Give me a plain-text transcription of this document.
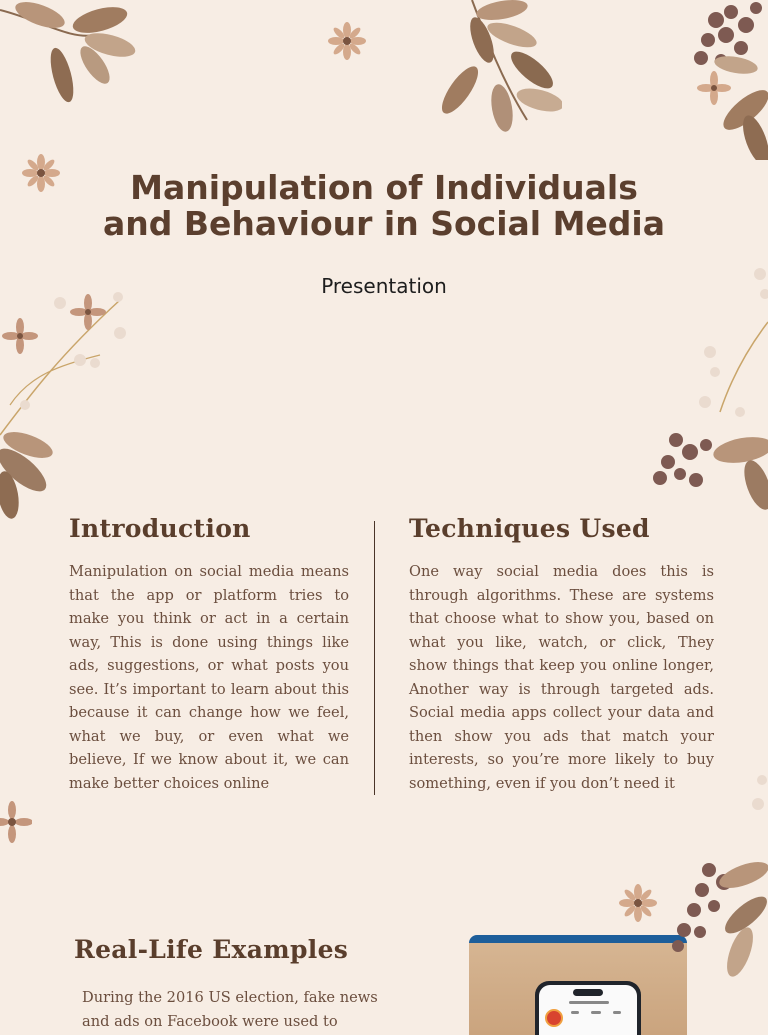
Manipulation of Individuals
and Behaviour in Social Media
Presentation
Introduction

Manipulation on social media means that the app or platform tries to make you think or act in a certain way, This is done using things like ads, suggestions, or what posts you see. It’s important to learn about this because it can change how we feel, what we buy, or even what we believe, If we know about it, we can make better choices online

Techniques Used

One way social media does this is through algorithms. These are systems that choose what to show you, based on what you like, watch, or click, They show things that keep you online longer, Another way is through targeted ads. Social media apps collect your data and then show you ads that match your interests, so you’re more likely to buy something, even if you don’t need it

Real-Life Examples

During the 2016 US election, fake news and ads on Facebook were used to
